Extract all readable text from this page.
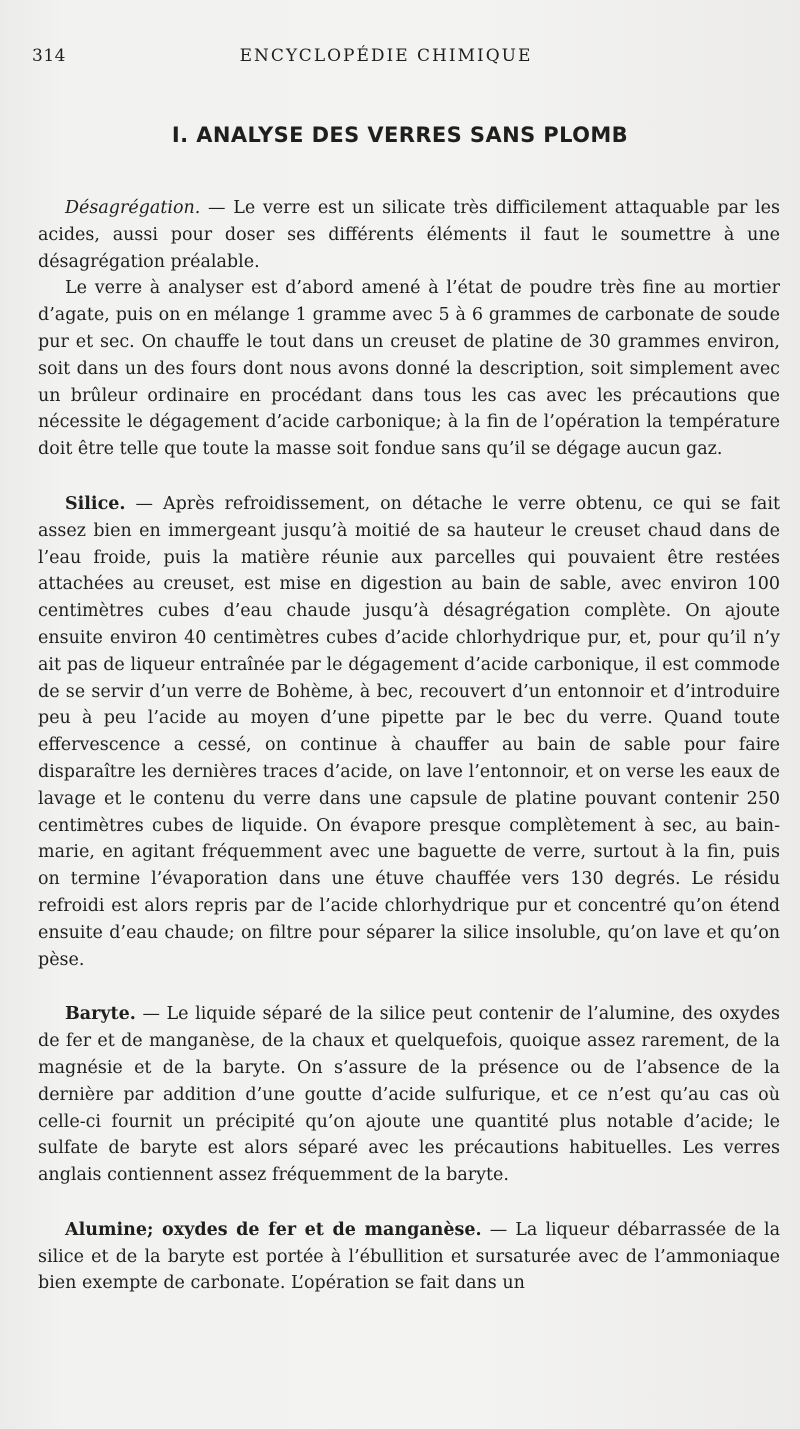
314	ENCYCLOPÉDIE CHIMIQUE
I. ANALYSE DES VERRES SANS PLOMB

Désagrégation. — Le verre est un silicate très difficilement attaquable par les acides, aussi pour doser ses différents éléments il faut le soumettre à une désagrégation préalable.

Le verre à analyser est d’abord amené à l’état de poudre très fine au mortier d’agate, puis on en mélange 1 gramme avec 5 à 6 grammes de carbonate de soude pur et sec. On chauffe le tout dans un creuset de platine de 30 grammes environ, soit dans un des fours dont nous avons donné la description, soit simplement avec un brûleur ordinaire en procédant dans tous les cas avec les précautions que nécessite le dégagement d’acide carbonique; à la fin de l’opération la température doit être telle que toute la masse soit fondue sans qu’il se dégage aucun gaz.

Silice. — Après refroidissement, on détache le verre obtenu, ce qui se fait assez bien en immergeant jusqu’à moitié de sa hauteur le creuset chaud dans de l’eau froide, puis la matière réunie aux parcelles qui pouvaient être restées attachées au creuset, est mise en digestion au bain de sable, avec environ 100 centimètres cubes d’eau chaude jusqu’à désagrégation complète. On ajoute ensuite environ 40 centimètres cubes d’acide chlorhydrique pur, et, pour qu’il n’y ait pas de liqueur entraînée par le dégagement d’acide carbonique, il est commode de se servir d’un verre de Bohème, à bec, recouvert d’un entonnoir et d’introduire peu à peu l’acide au moyen d’une pipette par le bec du verre. Quand toute effervescence a cessé, on continue à chauffer au bain de sable pour faire disparaître les dernières traces d’acide, on lave l’entonnoir, et on verse les eaux de lavage et le contenu du verre dans une capsule de platine pouvant contenir 250 centimètres cubes de liquide. On évapore presque complètement à sec, au bain-marie, en agitant fréquemment avec une baguette de verre, surtout à la fin, puis on termine l’évaporation dans une étuve chauffée vers 130 degrés. Le résidu refroidi est alors repris par de l’acide chlorhydrique pur et concentré qu’on étend ensuite d’eau chaude; on filtre pour séparer la silice insoluble, qu’on lave et qu’on pèse.

Baryte. — Le liquide séparé de la silice peut contenir de l’alumine, des oxydes de fer et de manganèse, de la chaux et quelquefois, quoique assez rarement, de la magnésie et de la baryte. On s’assure de la présence ou de l’absence de la dernière par addition d’une goutte d’acide sulfurique, et ce n’est qu’au cas où celle-ci fournit un précipité qu’on ajoute une quantité plus notable d’acide; le sulfate de baryte est alors séparé avec les précautions habituelles. Les verres anglais contiennent assez fréquemment de la baryte.

Alumine; oxydes de fer et de manganèse. — La liqueur débarrassée de la silice et de la baryte est portée à l’ébullition et sursaturée avec de l’ammoniaque bien exempte de carbonate. L’opération se fait dans un
